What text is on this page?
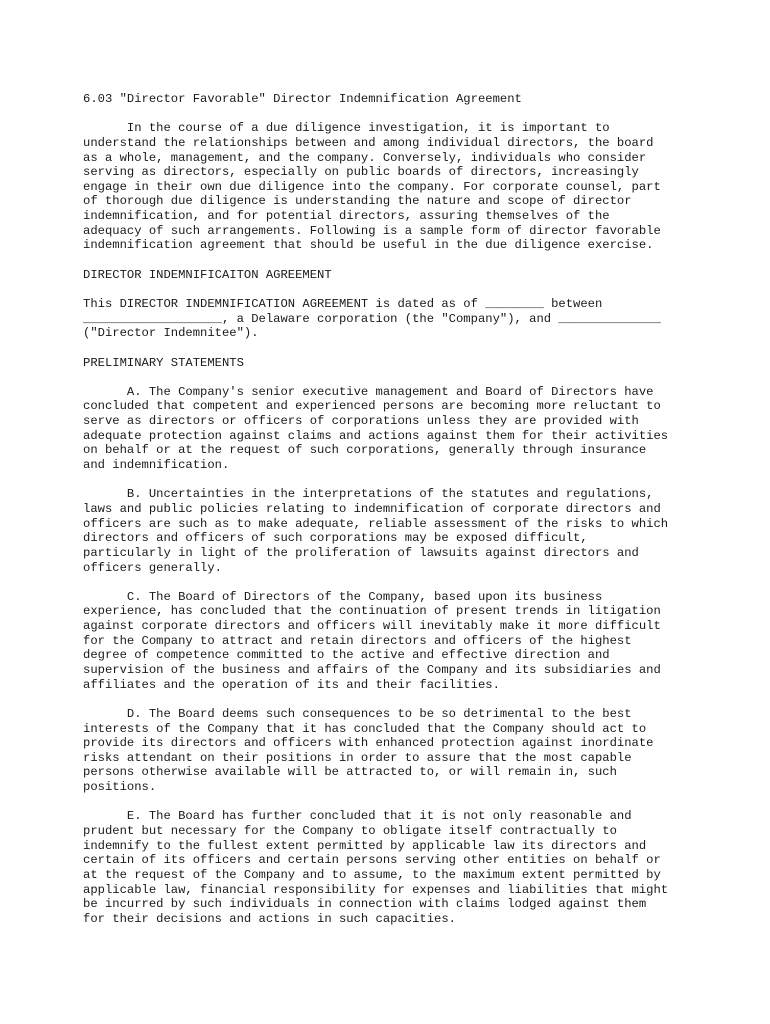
6.03 "Director Favorable" Director Indemnification Agreement
In the course of a due diligence investigation, it is important to
understand the relationships between and among individual directors, the board
as a whole, management, and the company. Conversely, individuals who consider
serving as directors, especially on public boards of directors, increasingly
engage in their own due diligence into the company. For corporate counsel, part
of thorough due diligence is understanding the nature and scope of director
indemnification, and for potential directors, assuring themselves of the
adequacy of such arrangements. Following is a sample form of director favorable
indemnification agreement that should be useful in the due diligence exercise.
DIRECTOR INDEMNIFICAITON AGREEMENT
This DIRECTOR INDEMNIFICATION AGREEMENT is dated as of ________ between
___________________, a Delaware corporation (the "Company"), and ______________
("Director Indemnitee").
PRELIMINARY STATEMENTS
A. The Company's senior executive management and Board of Directors have
concluded that competent and experienced persons are becoming more reluctant to
serve as directors or officers of corporations unless they are provided with
adequate protection against claims and actions against them for their activities
on behalf or at the request of such corporations, generally through insurance
and indemnification.
B. Uncertainties in the interpretations of the statutes and regulations,
laws and public policies relating to indemnification of corporate directors and
officers are such as to make adequate, reliable assessment of the risks to which
directors and officers of such corporations may be exposed difficult,
particularly in light of the proliferation of lawsuits against directors and
officers generally.
C. The Board of Directors of the Company, based upon its business
experience, has concluded that the continuation of present trends in litigation
against corporate directors and officers will inevitably make it more difficult
for the Company to attract and retain directors and officers of the highest
degree of competence committed to the active and effective direction and
supervision of the business and affairs of the Company and its subsidiaries and
affiliates and the operation of its and their facilities.
D. The Board deems such consequences to be so detrimental to the best
interests of the Company that it has concluded that the Company should act to
provide its directors and officers with enhanced protection against inordinate
risks attendant on their positions in order to assure that the most capable
persons otherwise available will be attracted to, or will remain in, such
positions.
E. The Board has further concluded that it is not only reasonable and
prudent but necessary for the Company to obligate itself contractually to
indemnify to the fullest extent permitted by applicable law its directors and
certain of its officers and certain persons serving other entities on behalf or
at the request of the Company and to assume, to the maximum extent permitted by
applicable law, financial responsibility for expenses and liabilities that might
be incurred by such individuals in connection with claims lodged against them
for their decisions and actions in such capacities.
